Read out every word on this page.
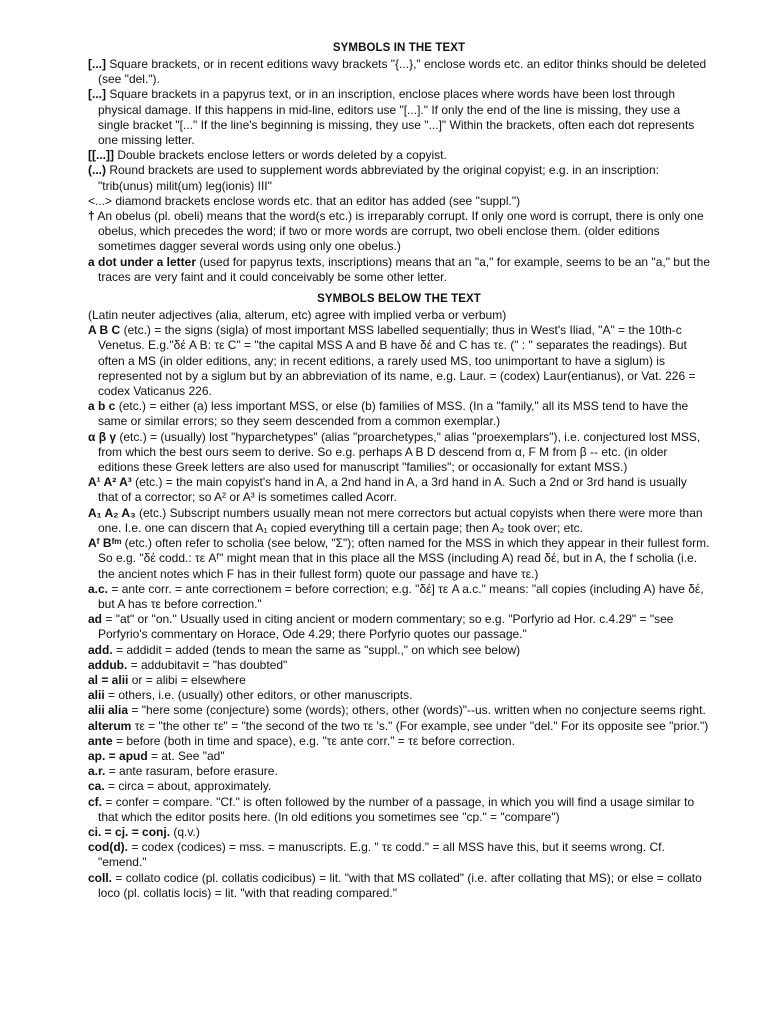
SYMBOLS IN THE TEXT

[...] Square brackets, or in recent editions wavy brackets "{...}," enclose words etc. an editor thinks should be deleted (see "del.").

[...] Square brackets in a papyrus text, or in an inscription, enclose places where words have been lost through physical damage. If this happens in mid-line, editors use "[...]." If only the end of the line is missing, they use a single bracket "[..." If the line's beginning is missing, they use "...]" Within the brackets, often each dot represents one missing letter.

[[...]] Double brackets enclose letters or words deleted by a copyist.

(...) Round brackets are used to supplement words abbreviated by the original copyist; e.g. in an inscription: "trib(unus) milit(um) leg(ionis) III"

<...> diamond brackets enclose words etc. that an editor has added (see "suppl.")

† An obelus (pl. obeli) means that the word(s etc.) is irreparably corrupt. If only one word is corrupt, there is only one obelus, which precedes the word; if two or more words are corrupt, two obeli enclose them. (older editions sometimes dagger several words using only one obelus.)

a dot under a letter (used for papyrus texts, inscriptions) means that an "a," for example, seems to be an "a," but the traces are very faint and it could conceivably be some other letter.

SYMBOLS BELOW THE TEXT

(Latin neuter adjectives (alia, alterum, etc) agree with implied verba or verbum)

A B C (etc.) = the signs (sigla) of most important MSS labelled sequentially; thus in West's Iliad, "A" = the 10th-c Venetus. E.g."δέ A B: τε C" = "the capital MSS A and B have δέ and C has τε. (" : " separates the readings). But often a MS (in older editions, any; in recent editions, a rarely used MS, too unimportant to have a siglum) is represented not by a siglum but by an abbreviation of its name, e.g. Laur. = (codex) Laur(entianus), or Vat. 226 = codex Vaticanus 226.

a b c (etc.) = either (a) less important MSS, or else (b) families of MSS. (In a "family," all its MSS tend to have the same or similar errors; so they seem descended from a common exemplar.)

α β γ (etc.) = (usually) lost "hyparchetypes" (alias "proarchetypes," alias "proexemplars"), i.e. conjectured lost MSS, from which the best ours seem to derive. So e.g. perhaps A B D descend from α, F M from β -- etc. (in older editions these Greek letters are also used for manuscript "families"; or occasionally for extant MSS.)

A¹ A² A³ (etc.) = the main copyist's hand in A, a 2nd hand in A, a 3rd hand in A. Such a 2nd or 3rd hand is usually that of a corrector; so A² or A³ is sometimes called Acorr.

A₁ A₂ A₃ (etc.) Subscript numbers usually mean not mere correctors but actual copyists when there were more than one. I.e. one can discern that A₁ copied everything till a certain page; then A₂ took over; etc.

Aᶠ Bᶠᵐ (etc.) often refer to scholia (see below, "Σ"); often named for the MSS in which they appear in their fullest form. So e.g. "δέ codd.: τε Aᶠ" might mean that in this place all the MSS (including A) read δέ, but in A, the f scholia (i.e. the ancient notes which F has in their fullest form) quote our passage and have τε.)

a.c. = ante corr. = ante correctionem = before correction; e.g. "δέ] τε A a.c." means: "all copies (including A) have δέ, but A has τε before correction."

ad = "at" or "on." Usually used in citing ancient or modern commentary; so e.g. "Porfyrio ad Hor. c.4.29" = "see Porfyrio's commentary on Horace, Ode 4.29; there Porfyrio quotes our passage."

add. = addidit = added (tends to mean the same as "suppl.," on which see below)

addub. = addubitavit = "has doubted"

al = alii or = alibi = elsewhere

alii = others, i.e. (usually) other editors, or other manuscripts.

alii alia = "here some (conjecture) some (words); others, other (words)"--us. written when no conjecture seems right.

alterum τε = "the other τε" = "the second of the two τε 's." (For example, see under "del." For its opposite see "prior.")

ante = before (both in time and space), e.g. "τε ante corr." = τε before correction.

ap. = apud = at. See "ad"

a.r. = ante rasuram, before erasure.

ca. = circa = about, approximately.

cf. = confer = compare. "Cf." is often followed by the number of a passage, in which you will find a usage similar to that which the editor posits here. (In old editions you sometimes see "cp." = "compare")

ci. = cj. = conj. (q.v.)

cod(d). = codex (codices) = mss. = manuscripts. E.g. " τε codd." = all MSS have this, but it seems wrong. Cf. "emend."

coll. = collato codice (pl. collatis codicibus) = lit. "with that MS collated" (i.e. after collating that MS); or else = collato loco (pl. collatis locis) = lit. "with that reading compared."
